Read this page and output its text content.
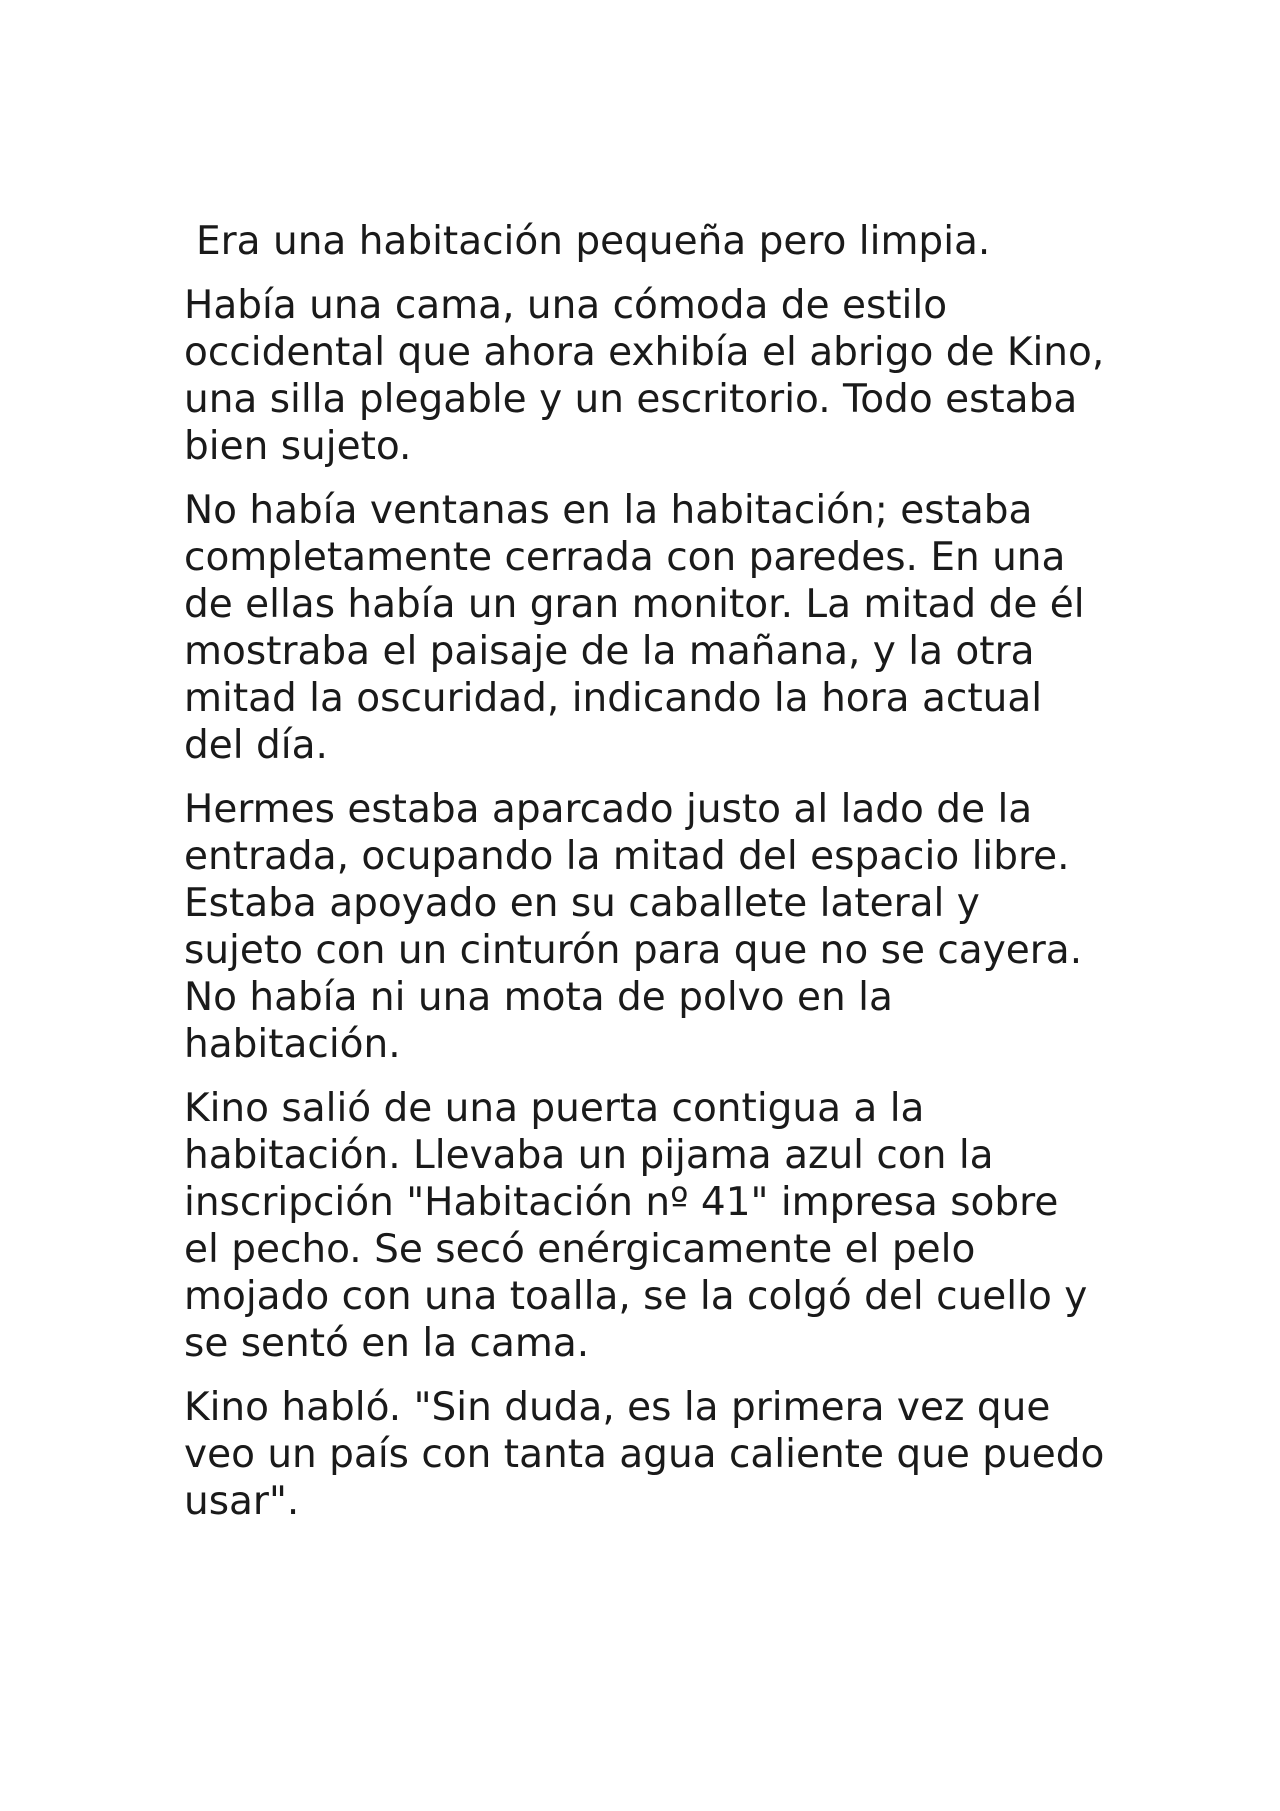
Era una habitación pequeña pero limpia.

Había una cama, una cómoda de estilo
occidental que ahora exhibía el abrigo de Kino,
una silla plegable y un escritorio. Todo estaba
bien sujeto.

No había ventanas en la habitación; estaba
completamente cerrada con paredes. En una
de ellas había un gran monitor. La mitad de él
mostraba el paisaje de la mañana, y la otra
mitad la oscuridad, indicando la hora actual
del día.

Hermes estaba aparcado justo al lado de la
entrada, ocupando la mitad del espacio libre.
Estaba apoyado en su caballete lateral y
sujeto con un cinturón para que no se cayera.
No había ni una mota de polvo en la
habitación.

Kino salió de una puerta contigua a la
habitación. Llevaba un pijama azul con la
inscripción "Habitación nº 41" impresa sobre
el pecho. Se secó enérgicamente el pelo
mojado con una toalla, se la colgó del cuello y
se sentó en la cama.

Kino habló. "Sin duda, es la primera vez que
veo un país con tanta agua caliente que puedo
usar".
